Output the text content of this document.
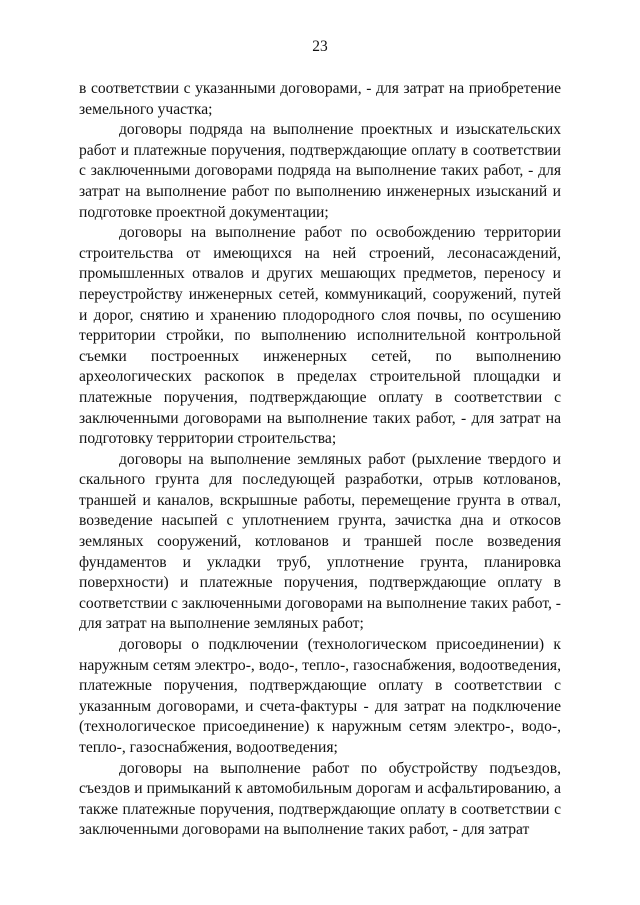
23

в соответствии с указанными договорами, - для затрат на приобретение земельного участка;

договоры подряда на выполнение проектных и изыскательских работ и платежные поручения, подтверждающие оплату в соответствии с заключенными договорами подряда на выполнение таких работ, - для затрат на выполнение работ по выполнению инженерных изысканий и подготовке проектной документации;

договоры на выполнение работ по освобождению территории строительства от имеющихся на ней строений, лесонасаждений, промышленных отвалов и других мешающих предметов, переносу и переустройству инженерных сетей, коммуникаций, сооружений, путей и дорог, снятию и хранению плодородного слоя почвы, по осушению территории стройки, по выполнению исполнительной контрольной съемки построенных инженерных сетей, по выполнению археологических раскопок в пределах строительной площадки и платежные поручения, подтверждающие оплату в соответствии с заключенными договорами на выполнение таких работ, - для затрат на подготовку территории строительства;

договоры на выполнение земляных работ (рыхление твердого и скального грунта для последующей разработки, отрыв котлованов, траншей и каналов, вскрышные работы, перемещение грунта в отвал, возведение насыпей с уплотнением грунта, зачистка дна и откосов земляных сооружений, котлованов и траншей после возведения фундаментов и укладки труб, уплотнение грунта, планировка поверхности) и платежные поручения, подтверждающие оплату в соответствии с заключенными договорами на выполнение таких работ, - для затрат на выполнение земляных работ;

договоры о подключении (технологическом присоединении) к наружным сетям электро-, водо-, тепло-, газоснабжения, водоотведения, платежные поручения, подтверждающие оплату в соответствии с указанным договорами, и счета-фактуры - для затрат на подключение (технологическое присоединение) к наружным сетям электро-, водо-, тепло-, газоснабжения, водоотведения;

договоры на выполнение работ по обустройству подъездов, съездов и примыканий к автомобильным дорогам и асфальтированию, а также платежные поручения, подтверждающие оплату в соответствии с заключенными договорами на выполнение таких работ, - для затрат
